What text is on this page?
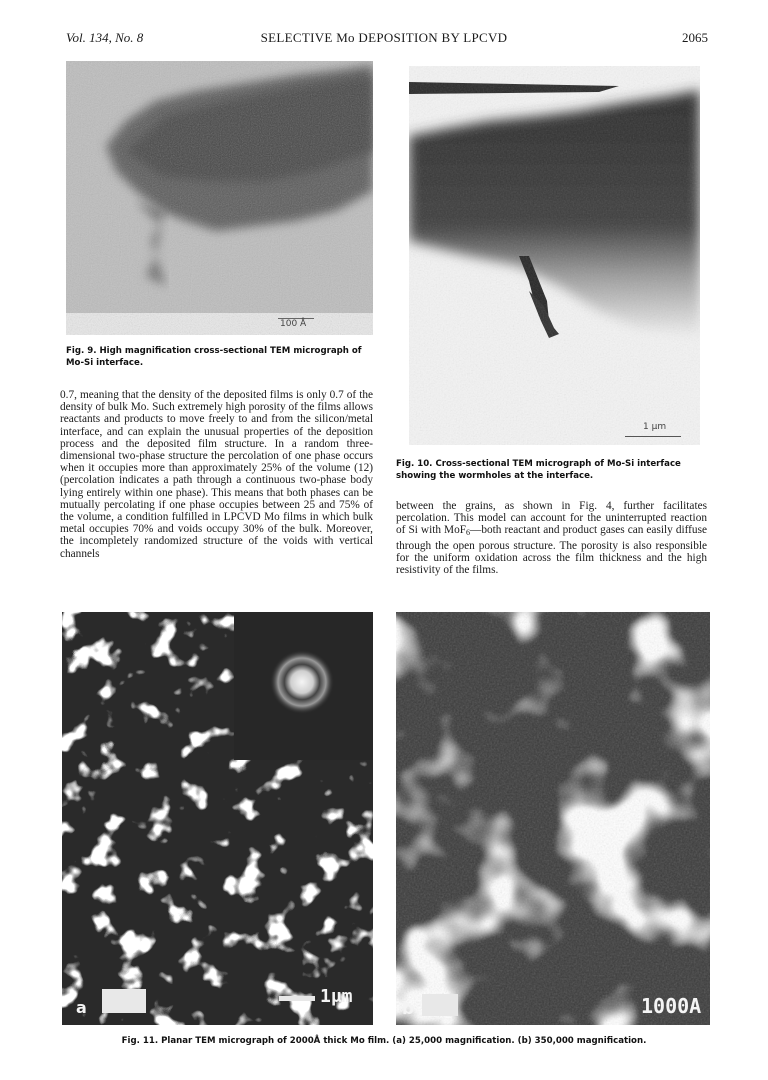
Vol. 134, No. 8	SELECTIVE Mo DEPOSITION BY LPCVD	2065
100 Å
Fig. 9. High magnification cross-sectional TEM micrograph of Mo-Si interface.
1 μm
Fig. 10. Cross-sectional TEM micrograph of Mo-Si interface showing the wormholes at the interface.

0.7, meaning that the density of the deposited films is only 0.7 of the density of bulk Mo. Such extremely high porosity of the films allows reactants and products to move freely to and from the silicon/metal interface, and can explain the unusual properties of the deposition process and the deposited film structure. In a random three-dimensional two-phase structure the percolation of one phase occurs when it occupies more than approximately 25% of the volume (12) (percolation indicates a path through a continuous two-phase body lying entirely within one phase). This means that both phases can be mutually percolating if one phase occupies between 25 and 75% of the volume, a condition fulfilled in LPCVD Mo films in which bulk metal occupies 70% and voids occupy 30% of the bulk. Moreover, the incompletely randomized structure of the voids with vertical channels

between the grains, as shown in Fig. 4, further facilitates percolation. This model can account for the uninterrupted reaction of Si with MoF$_6$—both reactant and product gases can easily diffuse through the open porous structure. The porosity is also responsible for the uniform oxidation across the film thickness and the high resistivity of the films.

a
1μm
b	1000A
Fig. 11. Planar TEM micrograph of 2000Å thick Mo film. (a) 25,000 magnification. (b) 350,000 magnification.
